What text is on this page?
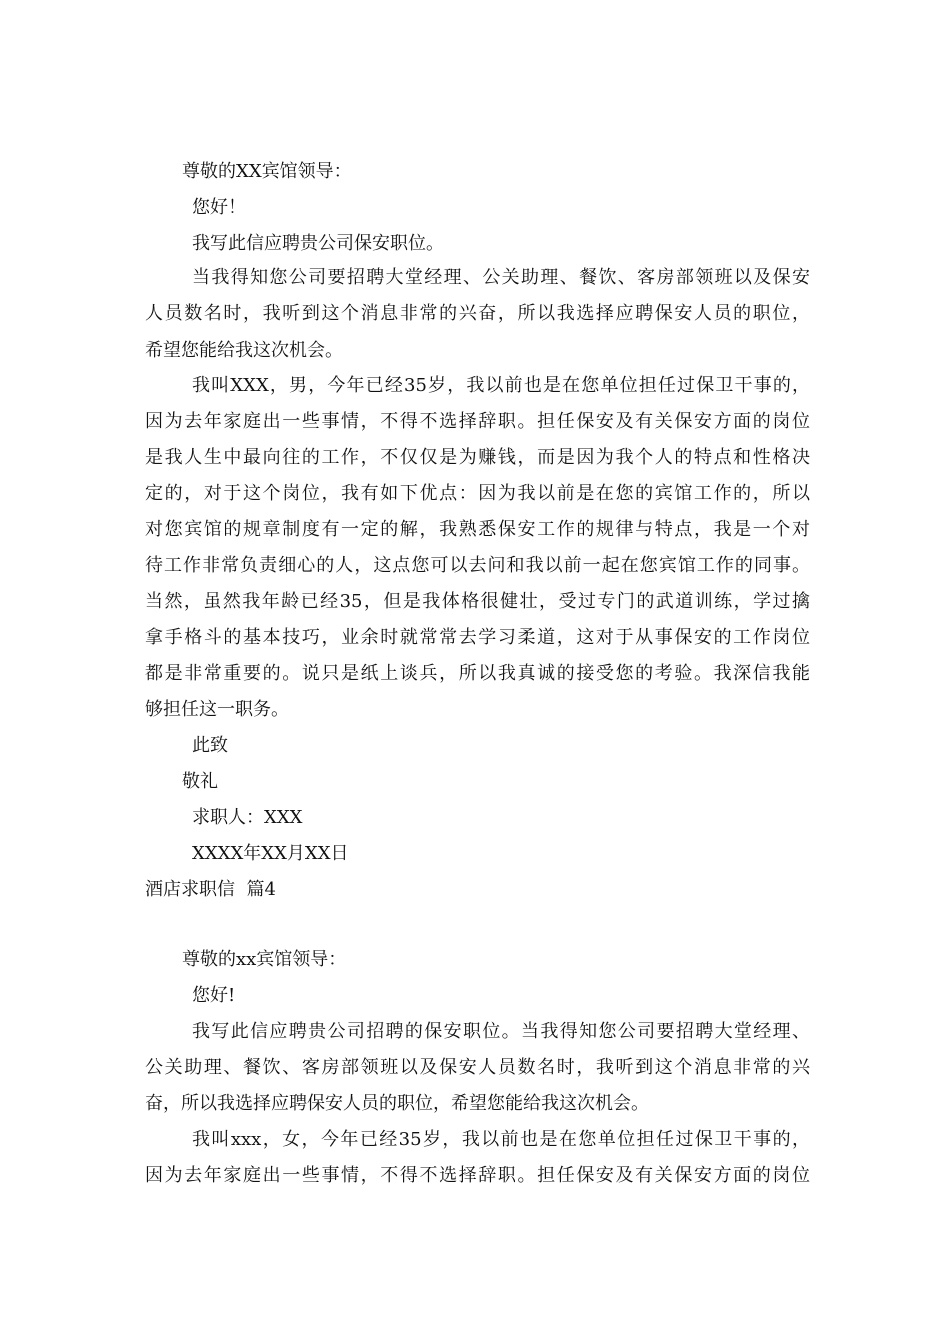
尊敬的XX宾馆领导：

您好！

我写此信应聘贵公司保安职位。

当我得知您公司要招聘大堂经理、公关助理、餐饮、客房部领班以及保安

人员数名时，我听到这个消息非常的兴奋，所以我选择应聘保安人员的职位，

希望您能给我这次机会。

我叫XXX，男，今年已经35岁，我以前也是在您单位担任过保卫干事的，

因为去年家庭出一些事情，不得不选择辞职。担任保安及有关保安方面的岗位

是我人生中最向往的工作，不仅仅是为赚钱，而是因为我个人的特点和性格决

定的，对于这个岗位，我有如下优点：因为我以前是在您的宾馆工作的，所以

对您宾馆的规章制度有一定的解，我熟悉保安工作的规律与特点，我是一个对

待工作非常负责细心的人，这点您可以去问和我以前一起在您宾馆工作的同事。

当然，虽然我年龄已经35，但是我体格很健壮，受过专门的武道训练，学过擒

拿手格斗的基本技巧，业余时就常常去学习柔道，这对于从事保安的工作岗位

都是非常重要的。说只是纸上谈兵，所以我真诚的接受您的考验。我深信我能

够担任这一职务。

此致

敬礼

求职人：XXX

XXXX年XX月XX日

酒店求职信  篇4

尊敬的xx宾馆领导：

您好!

我写此信应聘贵公司招聘的保安职位。当我得知您公司要招聘大堂经理、

公关助理、餐饮、客房部领班以及保安人员数名时，我听到这个消息非常的兴

奋，所以我选择应聘保安人员的职位，希望您能给我这次机会。

我叫xxx，女，今年已经35岁，我以前也是在您单位担任过保卫干事的，

因为去年家庭出一些事情，不得不选择辞职。担任保安及有关保安方面的岗位
